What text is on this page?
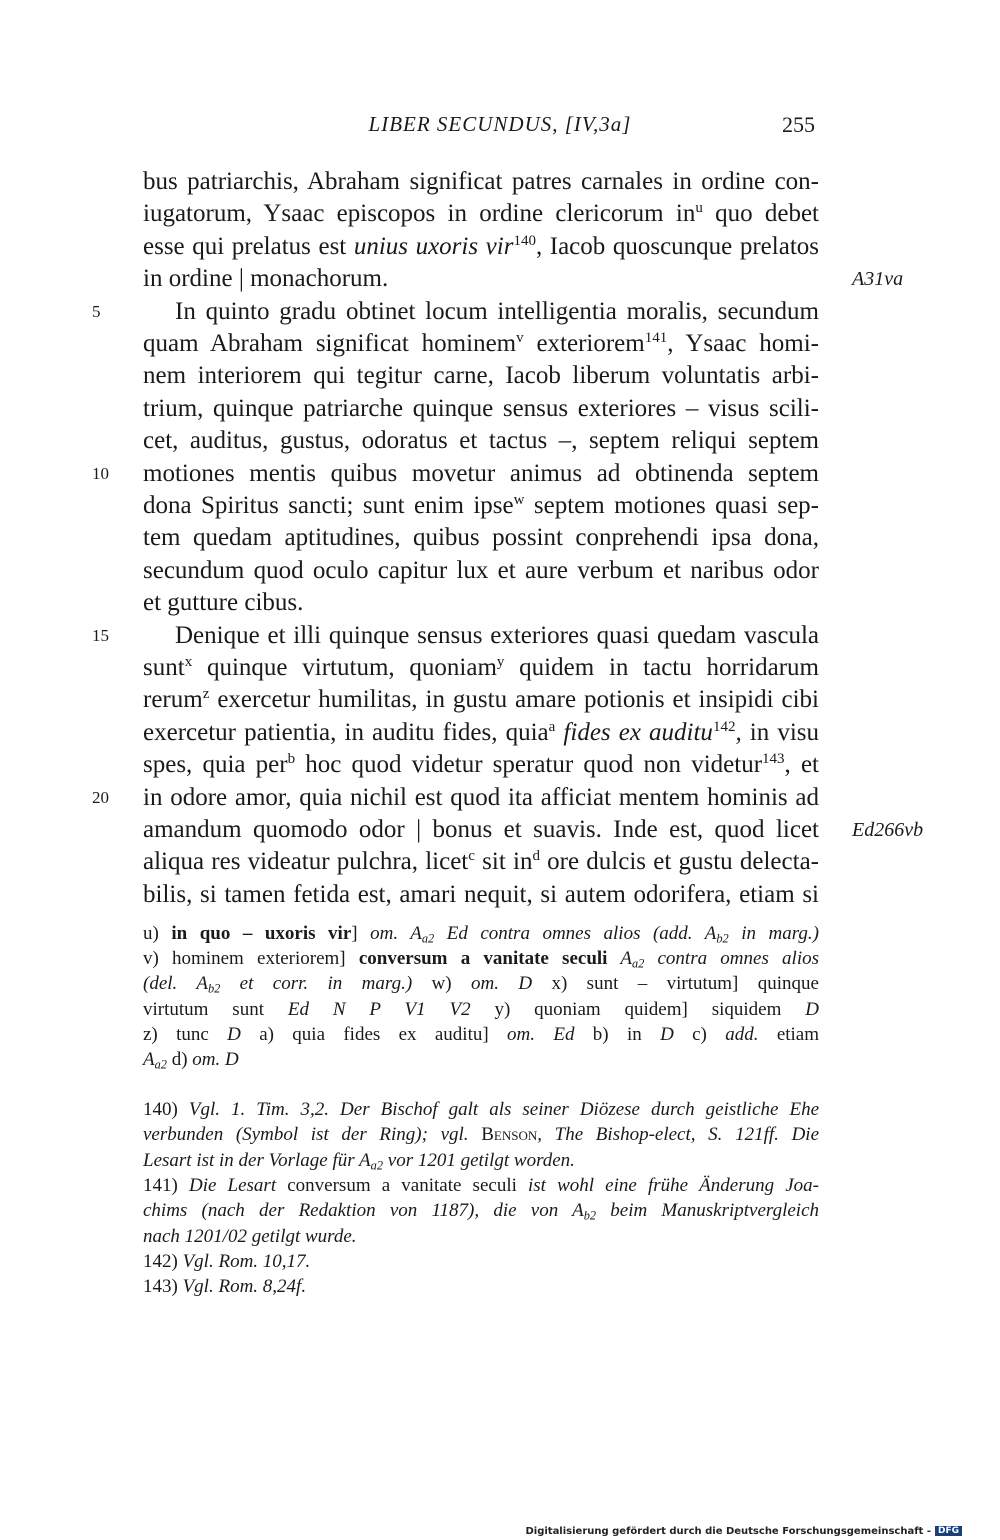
LIBER SECUNDUS, [IV,3a]	255
bus patriarchis, Abraham significat patres carnales in ordine con-
iugatorum, Ysaac episcopos in ordine clericorum $in^u$ quo debet
esse qui prelatus est unius uxoris vir$^{140}$, Iacob quoscunque prelatos
in ordine | monachorum.	A31va
In quinto gradu obtinet locum intelligentia moralis, secundum
5
quam Abraham significat hominem$^v$ exteriorem$^{141}$, Ysaac homi-
nem interiorem qui tegitur carne, Iacob liberum voluntatis arbi-
trium, quinque patriarche quinque sensus exteriores – visus scili-
cet, auditus, gustus, odoratus et tactus –, septem reliqui septem
motiones mentis quibus movetur animus ad obtinenda septem
10
dona Spiritus sancti; sunt enim ipse$^w$ septem motiones quasi sep-
tem quedam aptitudines, quibus possint conprehendi ipsa dona,
secundum quod oculo capitur lux et aure verbum et naribus odor
et gutture cibus.
Denique et illi quinque sensus exteriores quasi quedam vascula
15
sunt$^x$ quinque virtutum, quoniam$^y$ quidem in tactu horridarum
rerum$^z$ exercetur humilitas, in gustu amare potionis et insipidi cibi
exercetur patientia, in auditu fides, quia$^a$ fides ex auditu$^{142}$, in visu
spes, quia per$^b$ hoc quod videtur speratur quod non videtur$^{143}$, et
in odore amor, quia nichil est quod ita afficiat mentem hominis ad
20
amandum quomodo odor | bonus et suavis. Inde est, quod licet Ed266vb
aliqua res videatur pulchra, licet$^c$ sit $in^d$ ore dulcis et gustu delecta-
bilis, si tamen fetida est, amari nequit, si autem odorifera, etiam si
u) in quo – uxoris vir] om. $A_{a2}$ Ed contra omnes alios (add. $A_{b2}$ in marg.)
v) hominem exteriorem] conversum a vanitate seculi $A_{a2}$ contra omnes alios
(del. $A_{b2}$ et corr. in marg.) w) om. D x) sunt – virtutum] quinque
virtutum sunt Ed N P V1 V2 y) quoniam quidem] siquidem D
z) tunc D a) quia fides ex auditu] om. Ed b) in D c) add. etiam
$A_{a2}$ d) om. D
140) Vgl. 1. Tim. 3,2. Der Bischof galt als seiner Diözese durch geistliche Ehe
verbunden (Symbol ist der Ring); vgl. Benson, The Bishop-elect, S. 121ff. Die
Lesart ist in der Vorlage für $A_{a2}$ vor 1201 getilgt worden.
141) Die Lesart conversum a vanitate seculi ist wohl eine frühe Änderung Joa-
chims (nach der Redaktion von 1187), die von $A_{b2}$ beim Manuskriptvergleich
nach 1201/02 getilgt wurde.
142) Vgl. Rom. 10,17.
143) Vgl. Rom. 8,24f.
Digitalisierung gefördert durch die Deutsche Forschungsgemeinschaft - DFG
